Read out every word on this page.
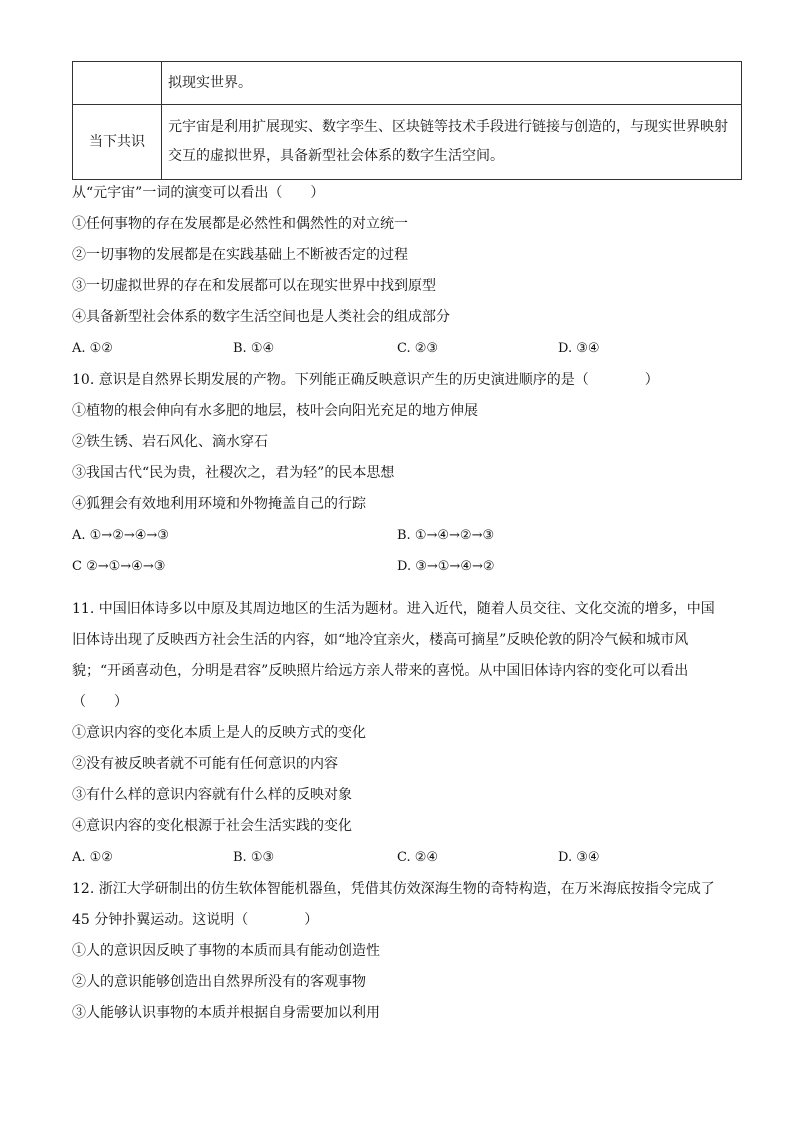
	拟现实世界。
当下共识	元宇宙是利用扩展现实、数字孪生、区块链等技术手段进行链接与创造的，与现实世界映射
交互的虚拟世界，具备新型社会体系的数字生活空间。
从“元宇宙”一词的演变可以看出（　　）
①任何事物的存在发展都是必然性和偶然性的对立统一
②一切事物的发展都是在实践基础上不断被否定的过程
③一切虚拟世界的存在和发展都可以在现实世界中找到原型
④具备新型社会体系的数字生活空间也是人类社会的组成部分
A. ①②	B. ①④	C. ②③	D. ③④
10. 意识是自然界长期发展的产物。下列能正确反映意识产生的历史演进顺序的是（　　　　）
①植物的根会伸向有水多肥的地层，枝叶会向阳光充足的地方伸展
②铁生锈、岩石风化、滴水穿石
③我国古代“民为贵，社稷次之，君为轻”的民本思想
④狐狸会有效地利用环境和外物掩盖自己的行踪
A. ①→②→④→③	B. ①→④→②→③
C ②→①→④→③	D. ③→①→④→②
11. 中国旧体诗多以中原及其周边地区的生活为题材。进入近代，随着人员交往、文化交流的增多，中国
旧体诗出现了反映西方社会生活的内容，如“地冷宜亲火，楼高可摘星”反映伦敦的阴冷气候和城市风
貌；“开函喜动色，分明是君容”反映照片给远方亲人带来的喜悦。从中国旧体诗内容的变化可以看出
（　　）
①意识内容的变化本质上是人的反映方式的变化
②没有被反映者就不可能有任何意识的内容
③有什么样的意识内容就有什么样的反映对象
④意识内容的变化根源于社会生活实践的变化
A. ①②	B. ①③	C. ②④	D. ③④
12. 浙江大学研制出的仿生软体智能机器鱼，凭借其仿效深海生物的奇特构造，在万米海底按指令完成了
45 分钟扑翼运动。这说明（　　　　）
①人的意识因反映了事物的本质而具有能动创造性
②人的意识能够创造出自然界所没有的客观事物
③人能够认识事物的本质并根据自身需要加以利用
